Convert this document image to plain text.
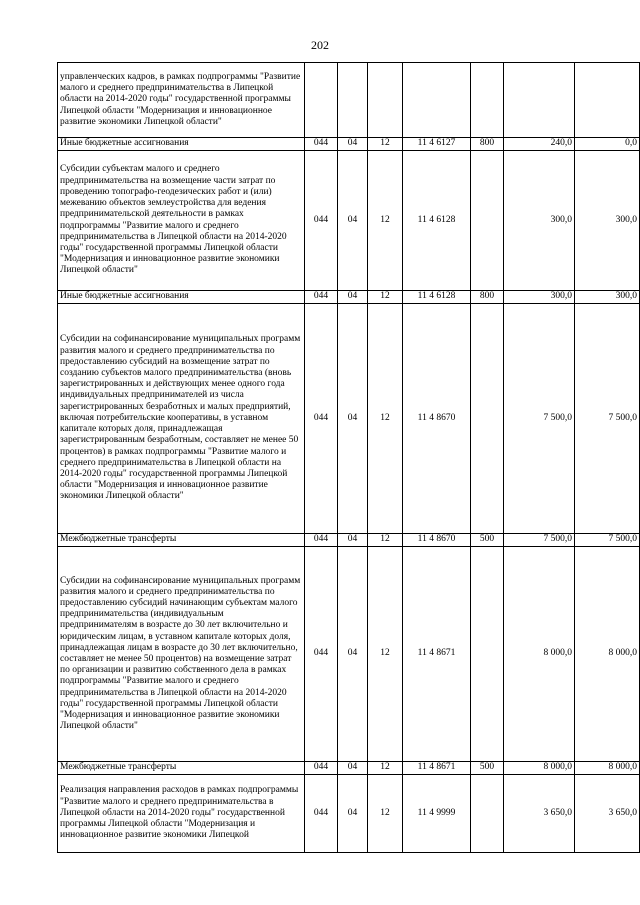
202
управленческих кадров, в рамках подпрограммы "Развитие малого и среднего предпринимательства в Липецкой области на 2014-2020 годы" государственной программы Липецкой области "Модернизация и инновационное развитие экономики Липецкой области"							
Иные бюджетные ассигнования	044	04	12	11 4 6127	800	240,0	0,0
Субсидии субъектам малого и среднего предпринимательства на возмещение части затрат по проведению топографо-геодезических работ и (или) межеванию объектов землеустройства для ведения предпринимательской деятельности в рамках подпрограммы "Развитие малого и среднего предпринимательства в Липецкой области на 2014-2020 годы" государственной программы Липецкой области "Модернизация и инновационное развитие экономики Липецкой области"	044	04	12	11 4 6128		300,0	300,0
Иные бюджетные ассигнования	044	04	12	11 4 6128	800	300,0	300,0
Субсидии на софинансирование муниципальных программ развития малого и среднего предпринимательства по предоставлению субсидий на возмещение затрат по созданию субъектов малого предпринимательства (вновь зарегистрированных и действующих менее одного года индивидуальных предпринимателей из числа зарегистрированных безработных и малых предприятий, включая потребительские кооперативы, в уставном капитале которых доля, принадлежащая зарегистрированным безработным, составляет не менее 50 процентов) в рамках подпрограммы "Развитие малого и среднего предпринимательства в Липецкой области на 2014-2020 годы" государственной программы Липецкой области "Модернизация и инновационное развитие экономики Липецкой области"	044	04	12	11 4 8670		7 500,0	7 500,0
Межбюджетные трансферты	044	04	12	11 4 8670	500	7 500,0	7 500,0
Субсидии на софинансирование муниципальных программ развития малого и среднего предпринимательства по предоставлению субсидий начинающим субъектам малого предпринимательства (индивидуальным предпринимателям в возрасте до 30 лет включительно и юридическим лицам, в уставном капитале которых доля, принадлежащая лицам в возрасте до 30 лет включительно, составляет не менее 50 процентов) на возмещение затрат по организации и развитию собственного дела в рамках подпрограммы "Развитие малого и среднего предпринимательства в Липецкой области на 2014-2020 годы" государственной программы Липецкой области "Модернизация и инновационное развитие экономики Липецкой области"	044	04	12	11 4 8671		8 000,0	8 000,0
Межбюджетные трансферты	044	04	12	11 4 8671	500	8 000,0	8 000,0
Реализация направления расходов в рамках подпрограммы "Развитие малого и среднего предпринимательства в Липецкой области на 2014-2020 годы" государственной программы Липецкой области "Модернизация и инновационное развитие экономики Липецкой	044	04	12	11 4 9999		3 650,0	3 650,0
